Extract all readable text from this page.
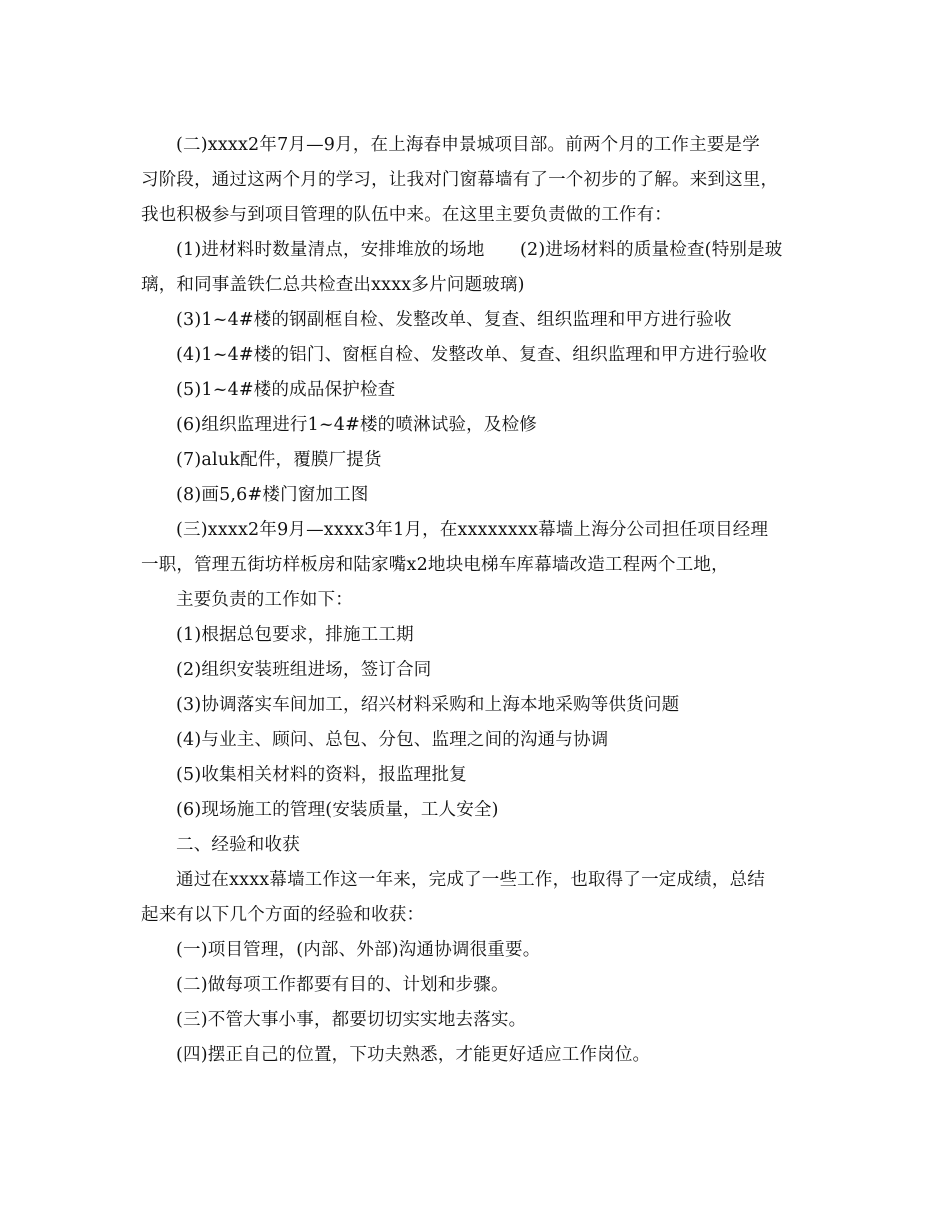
(二)xxxx2年7月—9月，在上海春申景城项目部。前两个月的工作主要是学
习阶段，通过这两个月的学习，让我对门窗幕墙有了一个初步的了解。来到这里，
我也积极参与到项目管理的队伍中来。在这里主要负责做的工作有：
(1)进材料时数量清点，安排堆放的场地　　(2)进场材料的质量检查(特别是玻
璃，和同事盖铁仁总共检查出xxxx多片问题玻璃)
(3)1~4#楼的钢副框自检、发整改单、复查、组织监理和甲方进行验收
(4)1~4#楼的铝门、窗框自检、发整改单、复查、组织监理和甲方进行验收
(5)1~4#楼的成品保护检查
(6)组织监理进行1~4#楼的喷淋试验，及检修
(7)aluk配件，覆膜厂提货
(8)画5,6#楼门窗加工图
(三)xxxx2年9月—xxxx3年1月，在xxxxxxxx幕墙上海分公司担任项目经理
一职，管理五街坊样板房和陆家嘴x2地块电梯车库幕墙改造工程两个工地，
主要负责的工作如下：
(1)根据总包要求，排施工工期
(2)组织安装班组进场，签订合同
(3)协调落实车间加工，绍兴材料采购和上海本地采购等供货问题
(4)与业主、顾问、总包、分包、监理之间的沟通与协调
(5)收集相关材料的资料，报监理批复
(6)现场施工的管理(安装质量，工人安全)
二、经验和收获
通过在xxxx幕墙工作这一年来，完成了一些工作，也取得了一定成绩，总结
起来有以下几个方面的经验和收获：
(一)项目管理，(内部、外部)沟通协调很重要。
(二)做每项工作都要有目的、计划和步骤。
(三)不管大事小事，都要切切实实地去落实。
(四)摆正自己的位置，下功夫熟悉，才能更好适应工作岗位。
